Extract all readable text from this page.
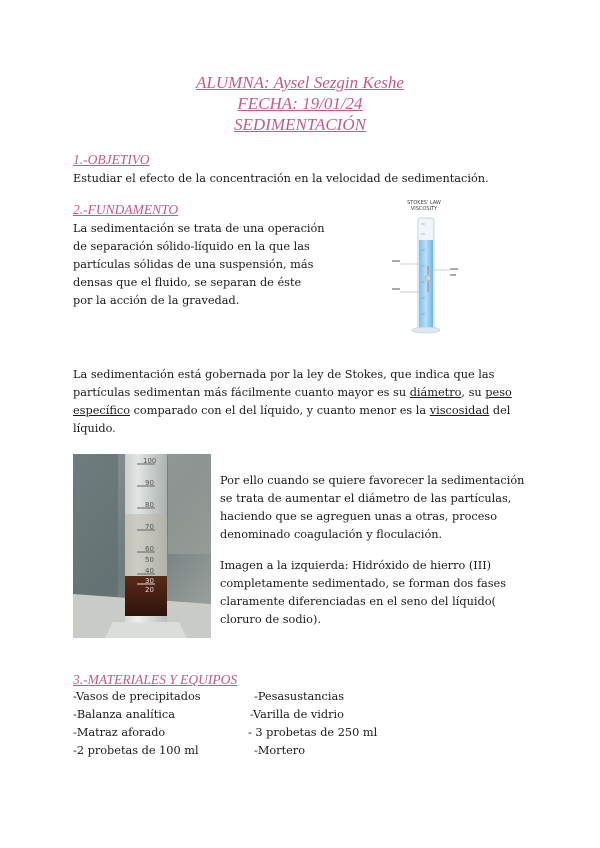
ALUMNA: Aysel Sezgin Keshe
FECHA: 19/01/24
SEDIMENTACIÓN
1.-OBJETIVO
Estudiar el efecto de la concentración en la velocidad de sedimentación.
2.-FUNDAMENTO
La sedimentación se trata de una operación
de separación sólido-líquido en la que las
partículas sólidas de una suspensión, más
densas que el fluido, se separan de éste
por la acción de la gravedad.
STOKES' LAW
VISCOSITY
La sedimentación está gobernada por la ley de Stokes, que indica que las
partículas sedimentan más fácilmente cuanto mayor es su diámetro, su peso
específico comparado con el del líquido, y cuanto menor es la viscosidad del
líquido.
100
90
80
70
60
50
40
30
20
Por ello cuando se quiere favorecer la sedimentación
se trata de aumentar el diámetro de las partículas,
haciendo que se agreguen unas a otras, proceso
denominado coagulación y floculación.
Imagen a la izquierda: Hidróxido de hierro (III)
completamente sedimentado, se forman dos fases
claramente diferenciadas en el seno del líquido(
cloruro de sodio).
3.-MATERIALES Y EQUIPOS
-Vasos de precipitados	-Pesasustancias
-Balanza analítica	-Varilla de vidrio
-Matraz aforado	- 3 probetas de 250 ml
-2 probetas de 100 ml	-Mortero
